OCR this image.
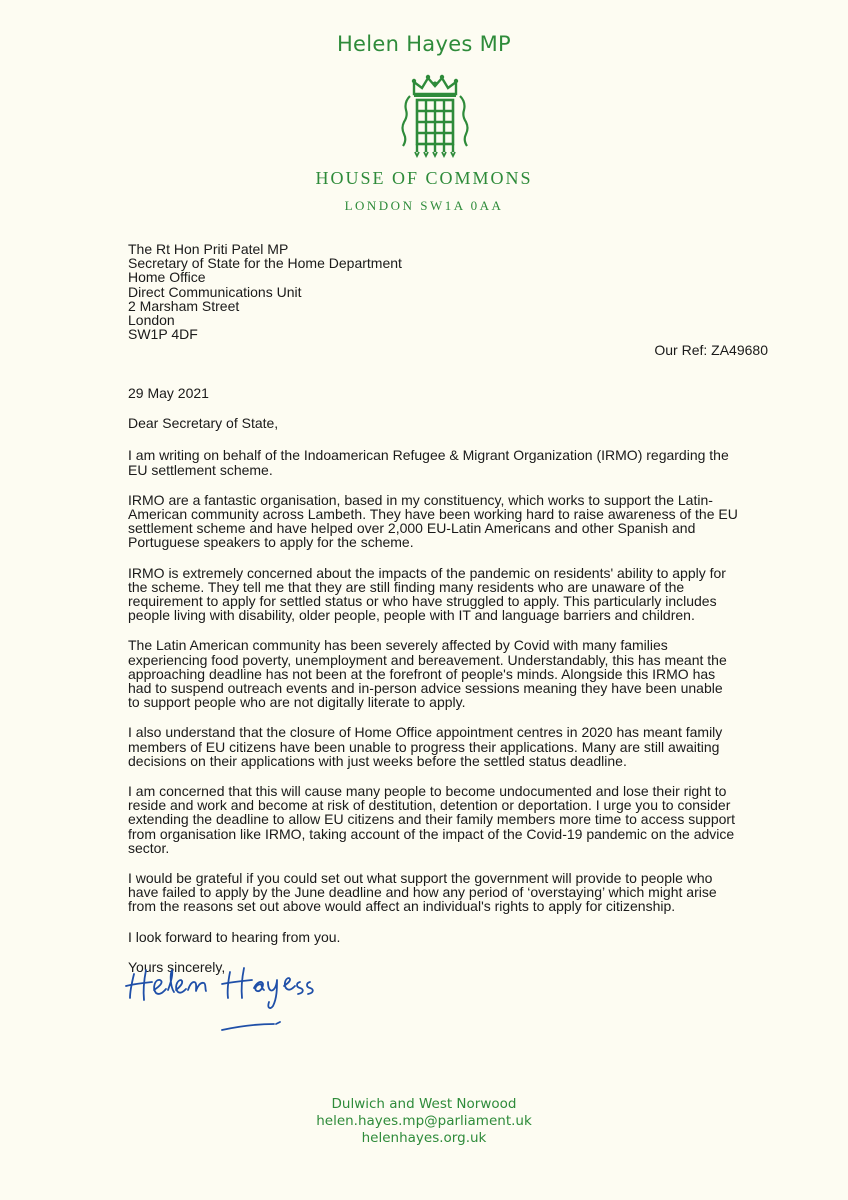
Helen Hayes MP
HOUSE OF COMMONS
LONDON SW1A 0AA
The Rt Hon Priti Patel MP
Secretary of State for the Home Department
Home Office
Direct Communications Unit
2 Marsham Street
London
SW1P 4DF
Our Ref: ZA49680

29 May 2021

Dear Secretary of State,

I am writing on behalf of the Indoamerican Refugee & Migrant Organization (IRMO) regarding the EU settlement scheme.

IRMO are a fantastic organisation, based in my constituency, which works to support the Latin-American community across Lambeth. They have been working hard to raise awareness of the EU settlement scheme and have helped over 2,000 EU-Latin Americans and other Spanish and Portuguese speakers to apply for the scheme.

IRMO is extremely concerned about the impacts of the pandemic on residents' ability to apply for the scheme. They tell me that they are still finding many residents who are unaware of the requirement to apply for settled status or who have struggled to apply. This particularly includes people living with disability, older people, people with IT and language barriers and children.

The Latin American community has been severely affected by Covid with many families experiencing food poverty, unemployment and bereavement. Understandably, this has meant the approaching deadline has not been at the forefront of people's minds. Alongside this IRMO has had to suspend outreach events and in-person advice sessions meaning they have been unable to support people who are not digitally literate to apply.

I also understand that the closure of Home Office appointment centres in 2020 has meant family members of EU citizens have been unable to progress their applications. Many are still awaiting decisions on their applications with just weeks before the settled status deadline.

I am concerned that this will cause many people to become undocumented and lose their right to reside and work and become at risk of destitution, detention or deportation. I urge you to consider extending the deadline to allow EU citizens and their family members more time to access support from organisation like IRMO, taking account of the impact of the Covid-19 pandemic on the advice sector.

I would be grateful if you could set out what support the government will provide to people who have failed to apply by the June deadline and how any period of ‘overstaying’ which might arise from the reasons set out above would affect an individual's rights to apply for citizenship.

I look forward to hearing from you.

Yours sincerely,

Dulwich and West Norwood
helen.hayes.mp@parliament.uk
helenhayes.org.uk
